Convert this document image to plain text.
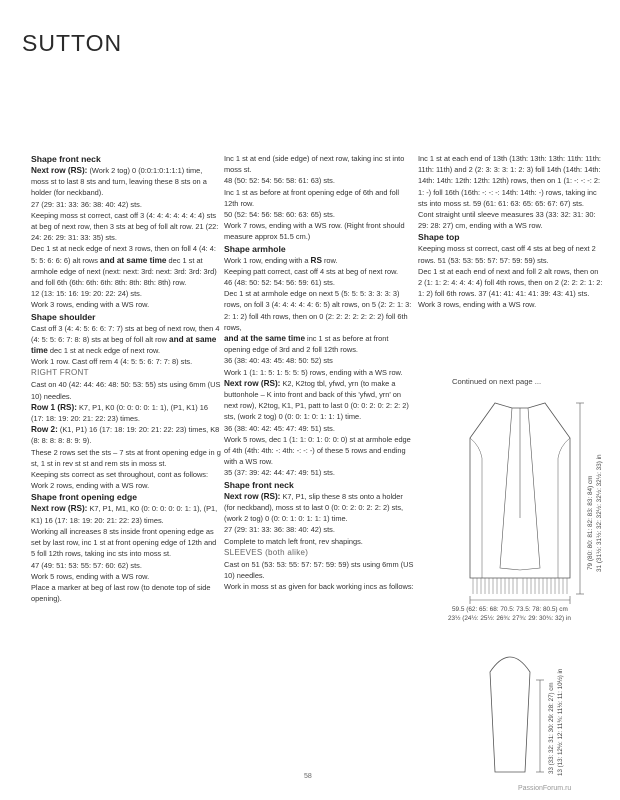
SUTTON

Shape front neck

Next row (RS): (Work 2 tog) 0 (0:0:1:0:1:1:1) time, moss st to last 8 sts and turn, leaving these 8 sts on a holder (for neckband).

27 (29: 31: 33: 36: 38: 40: 42) sts.

Keeping moss st correct, cast off 3 (4: 4: 4: 4: 4: 4: 4) sts at beg of next row, then 3 sts at beg of foll alt row. 21 (22: 24: 26: 29: 31: 33: 35) sts.

Dec 1 st at neck edge of next 3 rows, then on foll 4 (4: 4: 5: 5: 6: 6: 6) alt rows and at same time dec 1 st at armhole edge of next (next: next: 3rd: next: 3rd: 3rd: 3rd) and foll 6th (6th: 6th: 6th: 8th: 8th: 8th: 8th) row.

12 (13: 15: 16: 19: 20: 22: 24) sts.

Work 3 rows, ending with a WS row.

Shape shoulder

Cast off 3 (4: 4: 5: 6: 6: 7: 7) sts at beg of next row, then 4 (4: 5: 5: 6: 7: 8: 8) sts at beg of foll alt row and at same time dec 1 st at neck edge of next row.

Work 1 row. Cast off rem 4 (4: 5: 5: 6: 7: 7: 8) sts.

RIGHT FRONT

Cast on 40 (42: 44: 46: 48: 50: 53: 55) sts using 6mm (US 10) needles.

Row 1 (RS): K7, P1, K0 (0: 0: 0: 0: 1: 1), (P1, K1) 16 (17: 18: 19: 20: 21: 22: 23) times.

Row 2: (K1, P1) 16 (17: 18: 19: 20: 21: 22: 23) times, K8 (8: 8: 8: 8: 8: 9: 9).

These 2 rows set the sts – 7 sts at front opening edge in g st, 1 st in rev st st and rem sts in moss st.

Keeping sts correct as set throughout, cont as follows:

Work 2 rows, ending with a WS row.

Shape front opening edge

Next row (RS): K7, P1, M1, K0 (0: 0: 0: 0: 0: 1: 1), (P1, K1) 16 (17: 18: 19: 20: 21: 22: 23) times.

Working all increases 8 sts inside front opening edge as set by last row, inc 1 st at front opening edge of 12th and 5 foll 12th rows, taking inc sts into moss st.

47 (49: 51: 53: 55: 57: 60: 62) sts.

Work 5 rows, ending with a WS row.

Place a marker at beg of last row (to denote top of side opening).

Inc 1 st at end (side edge) of next row, taking inc st into moss st.

48 (50: 52: 54: 56: 58: 61: 63) sts.

Inc 1 st as before at front opening edge of 6th and foll 12th row.

50 (52: 54: 56: 58: 60: 63: 65) sts.

Work 7 rows, ending with a WS row. (Right front should measure approx 51.5 cm.)

Shape armhole

Work 1 row, ending with a RS row.

Keeping patt correct, cast off 4 sts at beg of next row.

46 (48: 50: 52: 54: 56: 59: 61) sts.

Dec 1 st at armhole edge on next 5 (5: 5: 5: 3: 3: 3: 3) rows, on foll 3 (4: 4: 4: 4: 4: 6: 5) alt rows, on 5 (2: 2: 1: 3: 2: 1: 2) foll 4th rows, then on 0 (2: 2: 2: 2: 2: 2: 2) foll 6th rows,

and at the same time inc 1 st as before at front opening edge of 3rd and 2 foll 12th rows.

36 (38: 40: 43: 45: 48: 50: 52) sts

Work 1 (1: 1: 5: 1: 5: 5: 5) rows, ending with a WS row.

Next row (RS): K2, K2tog tbl, yfwd, yrn (to make a buttonhole – K into front and back of this 'yfwd, yrn' on next row), K2tog, K1, P1, patt to last 0 (0: 0: 2: 0: 2: 2: 2) sts, (work 2 tog) 0 (0: 0: 1: 0: 1: 1: 1) time.

36 (38: 40: 42: 45: 47: 49: 51) sts.

Work 5 rows, dec 1 (1: 1: 0: 1: 0: 0: 0) st at armhole edge of 4th (4th: 4th: -: 4th: -: -: -) of these 5 rows and ending with a WS row.

35 (37: 39: 42: 44: 47: 49: 51) sts.

Shape front neck

Next row (RS): K7, P1, slip these 8 sts onto a holder (for neckband), moss st to last 0 (0: 0: 2: 0: 2: 2: 2) sts, (work 2 tog) 0 (0: 0: 1: 0: 1: 1: 1) time.

27 (29: 31: 33: 36: 38: 40: 42) sts.

Complete to match left front, rev shapings.

SLEEVES (both alike)

Cast on 51 (53: 53: 55: 57: 57: 59: 59) sts using 6mm (US 10) needles.

Work in moss st as given for back working incs as follows:

Inc 1 st at each end of 13th (13th: 13th: 13th: 11th: 11th: 11th: 11th) and 2 (2: 3: 3: 3: 1: 2: 3) foll 14th (14th: 14th: 14th: 14th: 12th: 12th: 12th) rows, then on 1 (1: -: -: -: 2: 1: -) foll 16th (16th: -: -: -: 14th: 14th: -) rows, taking inc sts into moss st. 59 (61: 61: 63: 65: 65: 67: 67) sts.

Cont straight until sleeve measures 33 (33: 32: 31: 30: 29: 28: 27) cm, ending with a WS row.

Shape top

Keeping moss st correct, cast off 4 sts at beg of next 2 rows. 51 (53: 53: 55: 57: 57: 59: 59) sts.

Dec 1 st at each end of next and foll 2 alt rows, then on 2 (1: 1: 2: 4: 4: 4: 4) foll 4th rows, then on 2 (2: 2: 2: 1: 2: 1: 2) foll 6th rows. 37 (41: 41: 41: 41: 39: 43: 41) sts.

Work 3 rows, ending with a WS row.

Continued on next page ...
79 (80: 80: 81: 82: 83: 83: 84) cm 31 (31½: 31½: 32: 32½: 32½: 32½: 33) in
59.5 (62: 65: 68: 70.5: 73.5: 78: 80.5) cm
23½ (24½: 25½: 26¾: 27¾: 29: 30¾: 32) in
33 (33: 32: 31: 30: 29: 28: 27) cm 13 (13: 12½: 12: 11¾: 11½: 11: 10½) in
58
PassionForum.ru
